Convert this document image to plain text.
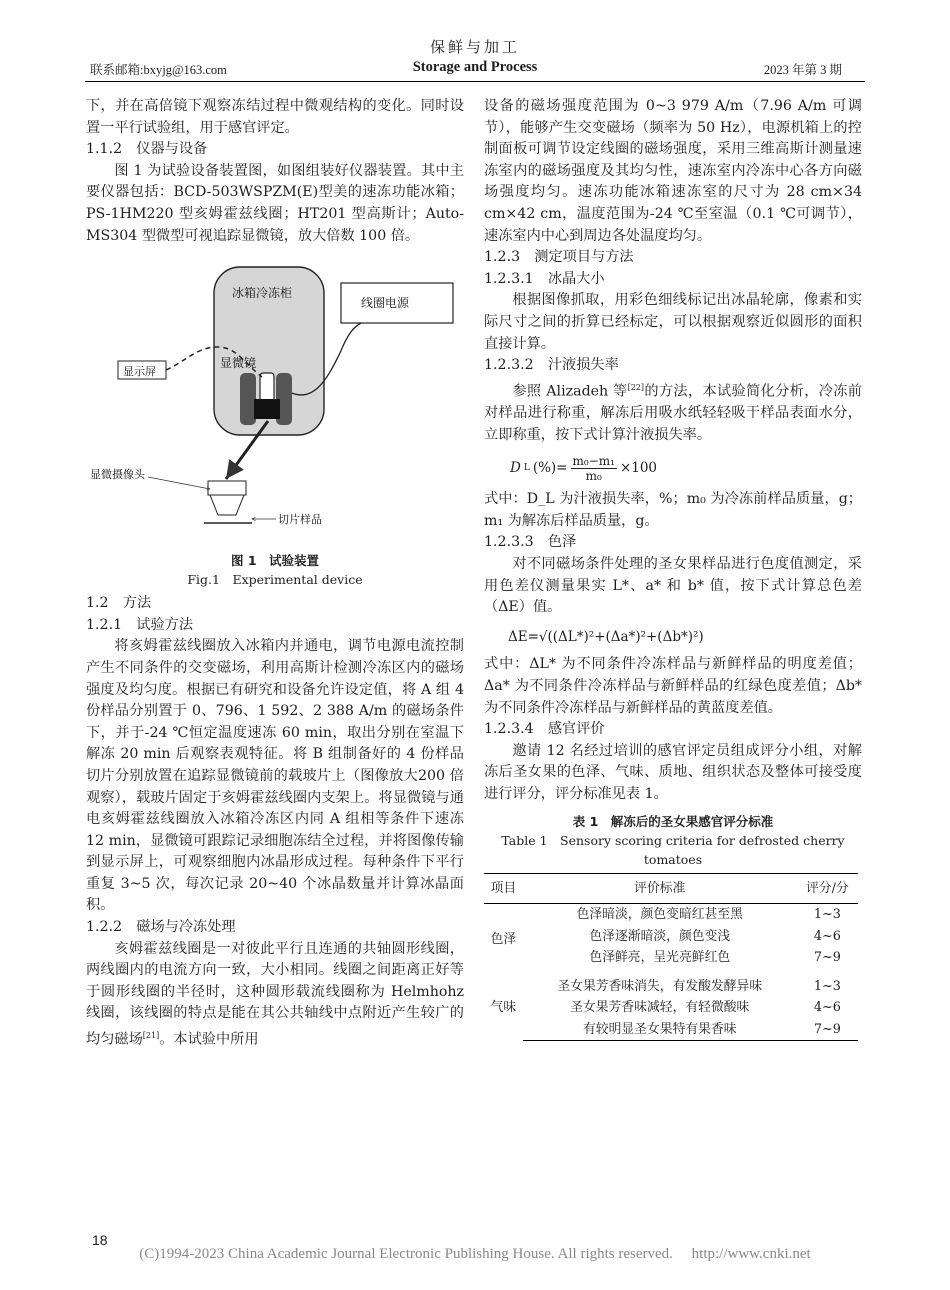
联系邮箱:bxyjg@163.com
保鲜与加工
Storage and Process	2023 年第 3 期

下，并在高倍镜下观察冻结过程中微观结构的变化。同时设置一平行试验组，用于感官评定。

1.1.2　仪器与设备

图 1 为试验设备装置图，如图组装好仪器装置。其中主要仪器包括：BCD-503WSPZM(E)型美的速冻功能冰箱；PS-1HM220 型亥姆霍兹线圈；HT201 型高斯计；Auto-MS304 型微型可视追踪显微镜，放大倍数 100 倍。

冰箱冷冻柜
线圈电源
显微镜
显示屏
显微摄像头
切片样品
图 1　试验装置
Fig.1　Experimental device

1.2　方法

1.2.1　试验方法

将亥姆霍兹线圈放入冰箱内并通电，调节电源电流控制产生不同条件的交变磁场，利用高斯计检测冷冻区内的磁场强度及均匀度。根据已有研究和设备允许设定值，将 A 组 4 份样品分别置于 0、796、1 592、2 388 A/m 的磁场条件下，并于-24 ℃恒定温度速冻 60 min，取出分别在室温下解冻 20 min 后观察表观特征。将 B 组制备好的 4 份样品切片分别放置在追踪显微镜前的载玻片上（图像放大200 倍观察），载玻片固定于亥姆霍兹线圈内支架上。将显微镜与通电亥姆霍兹线圈放入冰箱冷冻区内同 A 组相等条件下速冻 12 min，显微镜可跟踪记录细胞冻结全过程，并将图像传输到显示屏上，可观察细胞内冰晶形成过程。每种条件下平行重复 3~5 次，每次记录 20~40 个冰晶数量并计算冰晶面积。

1.2.2　磁场与冷冻处理

亥姆霍兹线圈是一对彼此平行且连通的共轴圆形线圈，两线圈内的电流方向一致，大小相同。线圈之间距离正好等于圆形线圈的半径时，这种圆形载流线圈称为 Helmhohz 线圈，该线圈的特点是能在其公共轴线中点附近产生较广的均匀磁场[21]。本试验中所用

设备的磁场强度范围为 0~3 979 A/m（7.96 A/m 可调节），能够产生交变磁场（频率为 50 Hz），电源机箱上的控制面板可调节设定线圈的磁场强度，采用三维高斯计测量速冻室内的磁场强度及其均匀性，速冻室内冷冻中心各方向磁场强度均匀。速冻功能冰箱速冻室的尺寸为 28 cm×34 cm×42 cm，温度范围为-24 ℃至室温（0.1 ℃可调节），速冻室内中心到周边各处温度均匀。

1.2.3　测定项目与方法

1.2.3.1　冰晶大小

根据图像抓取，用彩色细线标记出冰晶轮廓，像素和实际尺寸之间的折算已经标定，可以根据观察近似圆形的面积直接计算。

1.2.3.2　汁液损失率

参照 Alizadeh 等[22]的方法，本试验简化分析，冷冻前对样品进行称重，解冻后用吸水纸轻轻吸干样品表面水分，立即称重，按下式计算汁液损失率。

D L (%)= $\frac{\text{m₀−m₁}}{\text{m₀}} \times 100$

式中：D_L 为汁液损失率，%；m₀ 为冷冻前样品质量，g；m₁ 为解冻后样品质量，g。

1.2.3.3　色泽

对不同磁场条件处理的圣女果样品进行色度值测定，采用色差仪测量果实 L*、a* 和 b* 值，按下式计算总色差（ΔE）值。

ΔE=√((ΔL*)²+(Δa*)²+(Δb*)²)

式中：ΔL* 为不同条件冷冻样品与新鲜样品的明度差值；Δa* 为不同条件冷冻样品与新鲜样品的红绿色度差值；Δb* 为不同条件冷冻样品与新鲜样品的黄蓝度差值。

1.2.3.4　感官评价

邀请 12 名经过培训的感官评定员组成评分小组，对解冻后圣女果的色泽、气味、质地、组织状态及整体可接受度进行评分，评分标准见表 1。

表 1　解冻后的圣女果感官评分标准
Table 1　Sensory scoring criteria for defrosted cherry tomatoes
项目	评价标准	评分/分
色泽	色泽暗淡，颜色变暗红甚至黑	1~3
	色泽逐渐暗淡，颜色变浅	4~6
	色泽鲜亮，呈光亮鲜红色	7~9
气味	圣女果芳香味消失，有发酸发酵异味	1~3
	圣女果芳香味减轻，有轻微酸味	4~6
	有较明显圣女果特有果香味	7~9
18
(C)1994-2023 China Academic Journal Electronic Publishing House. All rights reserved.　 http://www.cnki.net
